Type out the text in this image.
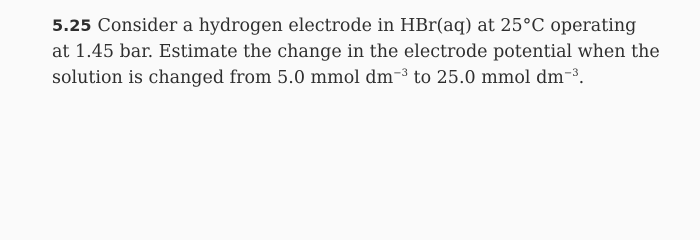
5.25 Consider a hydrogen electrode in HBr(aq) at 25°C operating
at 1.45 bar. Estimate the change in the electrode potential when the
solution is changed from 5.0 mmol $dm^{-3}$ to 25.0 mmol $dm^{-3}$.
